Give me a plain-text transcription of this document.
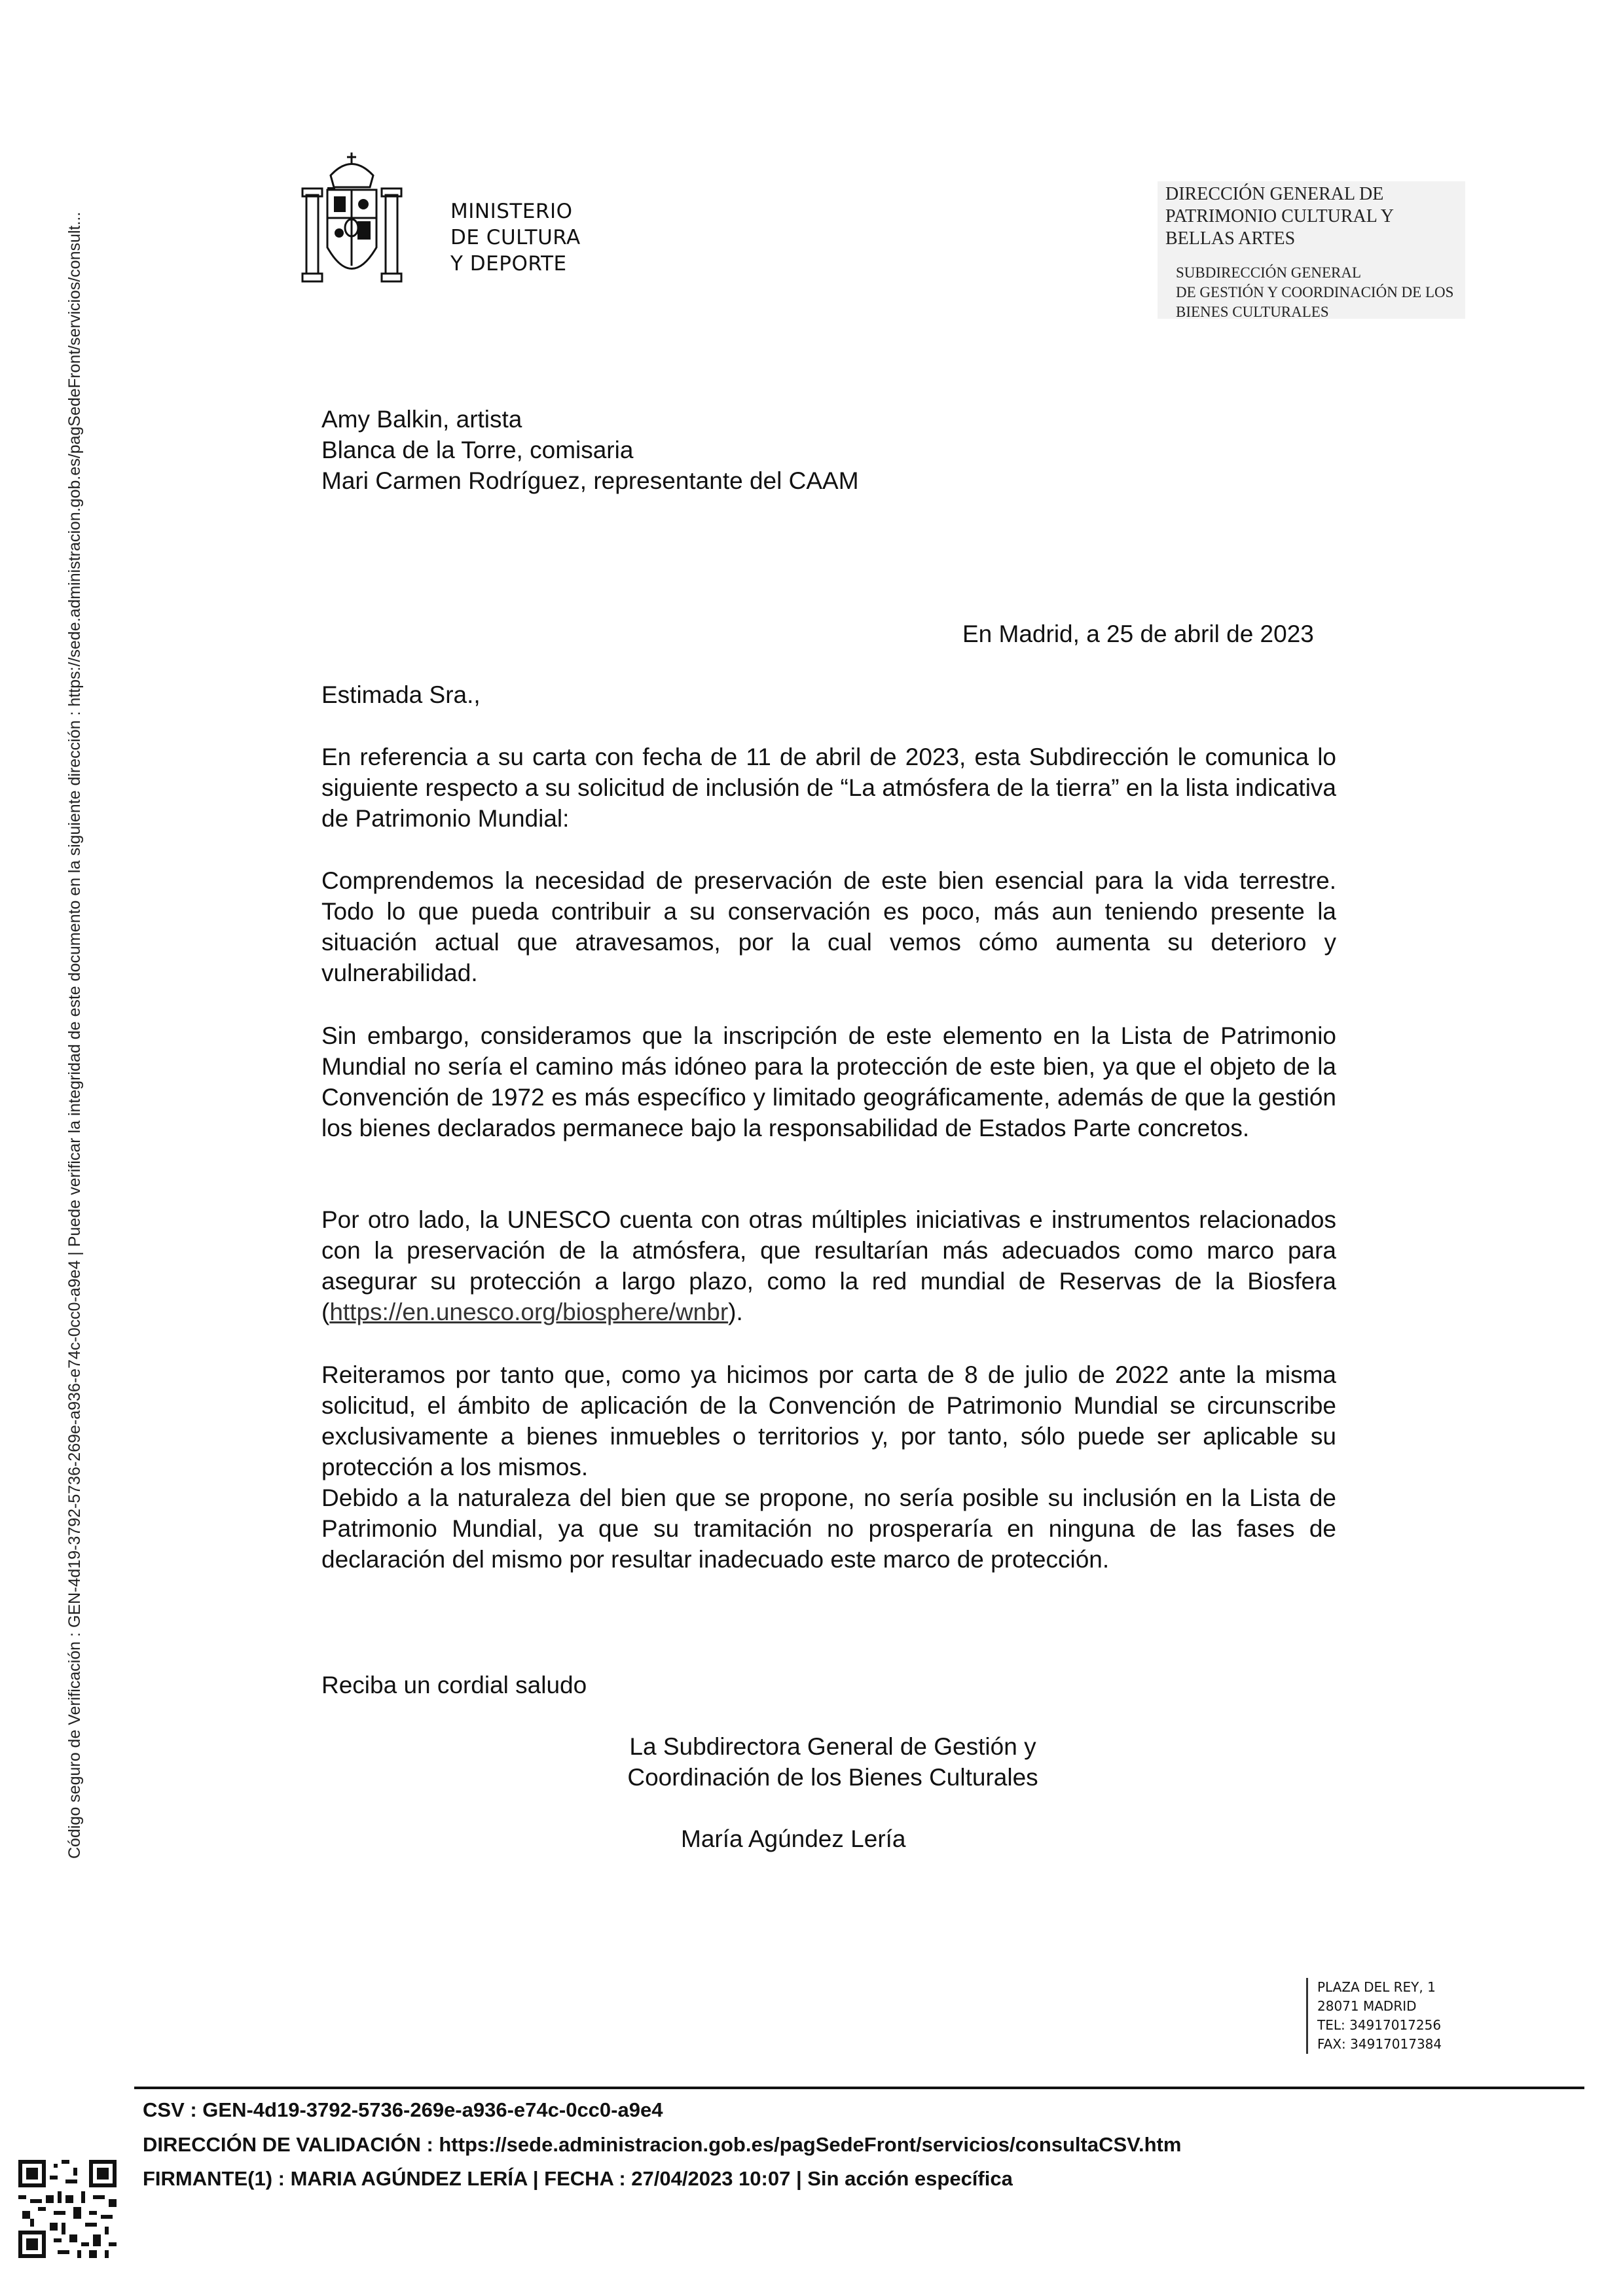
Código seguro de Verificación : GEN-4d19-3792-5736-269e-a936-e74c-0cc0-a9e4 | Puede verificar la integridad de este documento en la siguiente dirección : https://sede.administracion.gob.es/pagSedeFront/servicios/consult...
MINISTERIO
DE CULTURA
Y DEPORTE
DIRECCIÓN GENERAL DE
PATRIMONIO CULTURAL Y
BELLAS ARTES
SUBDIRECCIÓN GENERAL
DE GESTIÓN Y COORDINACIÓN DE LOS
BIENES CULTURALES
Amy Balkin, artista
Blanca de la Torre, comisaria
Mari Carmen Rodríguez, representante del CAAM
En Madrid, a 25 de abril de 2023
Estimada Sra.,
En referencia a su carta con fecha de 11 de abril de 2023, esta Subdirección le comunica lo siguiente respecto a su solicitud de inclusión de “La atmósfera de la tierra” en la lista indicativa de Patrimonio Mundial:
Comprendemos la necesidad de preservación de este bien esencial para la vida terrestre. Todo lo que pueda contribuir a su conservación es poco, más aun teniendo presente la situación actual que atravesamos, por la cual vemos cómo aumenta su deterioro y vulnerabilidad.
Sin embargo, consideramos que la inscripción de este elemento en la Lista de Patrimonio Mundial no sería el camino más idóneo para la protección de este bien, ya que el objeto de la Convención de 1972 es más específico y limitado geográficamente, además de que la gestión los bienes declarados permanece bajo la responsabilidad de Estados Parte concretos.
Por otro lado, la UNESCO cuenta con otras múltiples iniciativas e instrumentos relacionados con la preservación de la atmósfera, que resultarían más adecuados como marco para asegurar su protección a largo plazo, como la red mundial de Reservas de la Biosfera (https://en.unesco.org/biosphere/wnbr).
Reiteramos por tanto que, como ya hicimos por carta de 8 de julio de 2022 ante la misma solicitud, el ámbito de aplicación de la Convención de Patrimonio Mundial se circunscribe exclusivamente a bienes inmuebles o territorios y, por tanto, sólo puede ser aplicable su protección a los mismos.
Debido a la naturaleza del bien que se propone, no sería posible su inclusión en la Lista de Patrimonio Mundial, ya que su tramitación no prosperaría en ninguna de las fases de declaración del mismo por resultar inadecuado este marco de protección.
Reciba un cordial saludo
La Subdirectora General de Gestión y
Coordinación de los Bienes Culturales
María Agúndez Lería
PLAZA DEL REY, 1
28071 MADRID
TEL: 34917017256
FAX: 34917017384
CSV : GEN-4d19-3792-5736-269e-a936-e74c-0cc0-a9e4
DIRECCIÓN DE VALIDACIÓN : https://sede.administracion.gob.es/pagSedeFront/servicios/consultaCSV.htm
FIRMANTE(1) : MARIA AGÚNDEZ LERÍA | FECHA : 27/04/2023 10:07 | Sin acción específica
